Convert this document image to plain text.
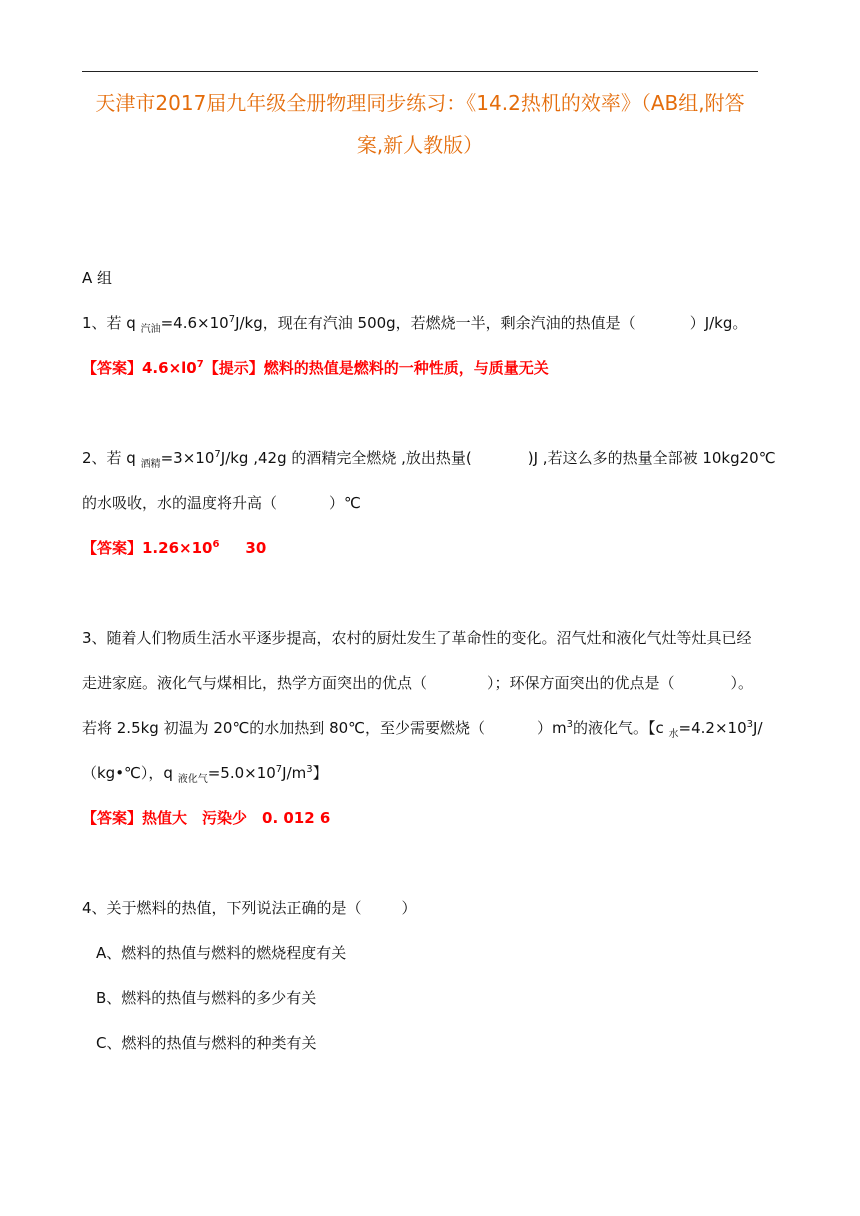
天津市2017届九年级全册物理同步练习：《14.2热机的效率》（AB组,附答
案,新人教版）
A 组
1、若 q $_{汽油}=4.6\times 10^7J/kg$，现在有汽油 500g，若燃烧一半，剩余汽油的热值是（	）J/kg。
【答案】$4.6\times l0^7$【提示】燃料的热值是燃料的一种性质，与质量无关
2、若 q $_{酒精}=3\times 10^7J/kg$ ,42g 的酒精完全燃烧 ,放出热量(	)J ,若这么多的热量全部被 10kg20℃
的水吸收，水的温度将升高（	）℃
【答案】$1.26\times 10^6$ 30
3、随着人们物质生活水平逐步提高，农村的厨灶发生了革命性的变化。沼气灶和液化气灶等灶具已经
走进家庭。液化气与煤相比，热学方面突出的优点（	）；环保方面突出的优点是（	）。
若将 2.5kg 初温为 20℃的水加热到 80℃，至少需要燃烧（	）$m^3$的液化气。【c $_水=4.2\times 10^3J/$
（kg•℃），q $_{液化气}=5.0\times 10^7J/m^3$】
【答案】热值大　污染少　0. 012 6
4、关于燃料的热值，下列说法正确的是（	）
A、燃料的热值与燃料的燃烧程度有关
B、燃料的热值与燃料的多少有关
C、燃料的热值与燃料的种类有关
